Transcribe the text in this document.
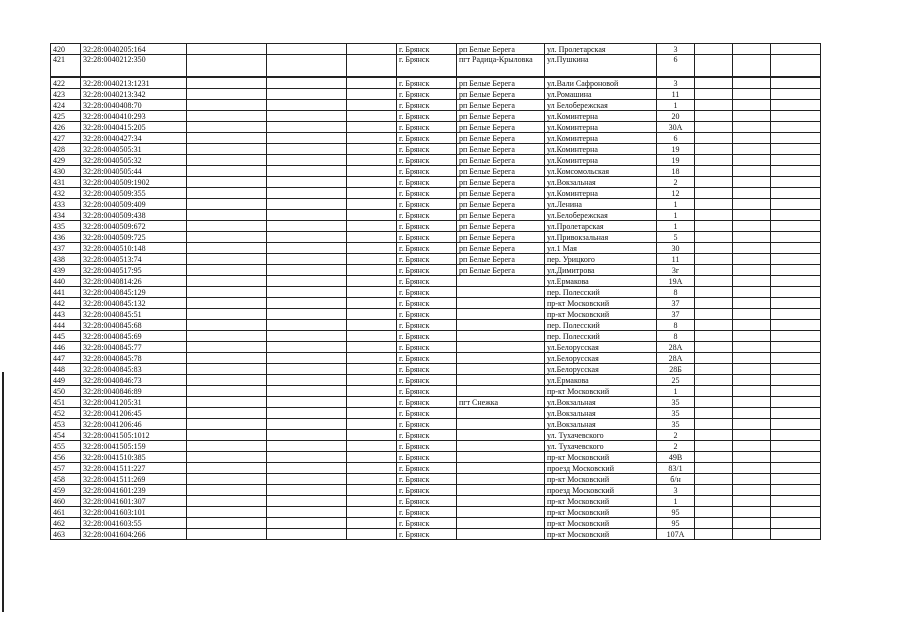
420	32:28:0040205:164				г. Брянск	рп Белые Берега	ул. Пролетарская	3			
421	32:28:0040212:350				г. Брянск	пгт Радица-Крыловка	ул.Пушкина	6			
422	32:28:0040213:1231				г. Брянск	рп Белые Берега	ул.Вали Сафроновой	3			
423	32:28:0040213:342				г. Брянск	рп Белые Берега	ул.Ромашина	11			
424	32:28:0040408:70				г. Брянск	рп Белые Берега	ул Белобережская	1			
425	32:28:0040410:293				г. Брянск	рп Белые Берега	ул.Коминтерна	20			
426	32:28:0040415:205				г. Брянск	рп Белые Берега	ул.Коминтерна	30А			
427	32:28:0040427:34				г. Брянск	рп Белые Берега	ул.Коминтерна	6			
428	32:28:0040505:31				г. Брянск	рп Белые Берега	ул.Коминтерна	19			
429	32:28:0040505:32				г. Брянск	рп Белые Берега	ул.Коминтерна	19			
430	32:28:0040505:44				г. Брянск	рп Белые Берега	ул.Комсомольская	18			
431	32:28:0040509:1902				г. Брянск	рп Белые Берега	ул.Вокзальная	2			
432	32:28:0040509:355				г. Брянск	рп Белые Берега	ул.Коминтерна	12			
433	32:28:0040509:409				г. Брянск	рп Белые Берега	ул.Ленина	1			
434	32:28:0040509:438				г. Брянск	рп Белые Берега	ул.Белобережская	1			
435	32:28:0040509:672				г. Брянск	рп Белые Берега	ул.Пролетарская	1			
436	32:28:0040509:725				г. Брянск	рп Белые Берега	ул.Привокзальная	5			
437	32:28:0040510:148				г. Брянск	рп Белые Берега	ул.1 Мая	30			
438	32:28:0040513:74				г. Брянск	рп Белые Берега	пер. Урицкого	11			
439	32:28:0040517:95				г. Брянск	рп Белые Берега	ул.Димитрова	3г			
440	32:28:0040814:26				г. Брянск		ул.Ермакова	19А			
441	32:28:0040845:129				г. Брянск		пер. Полесский	8			
442	32:28:0040845:132				г. Брянск		пр-кт Московский	37			
443	32:28:0040845:51				г. Брянск		пр-кт Московский	37			
444	32:28:0040845:68				г. Брянск		пер. Полесский	8			
445	32:28:0040845:69				г. Брянск		пер. Полесский	8			
446	32:28:0040845:77				г. Брянск		ул.Белорусская	28А			
447	32:28:0040845:78				г. Брянск		ул.Белорусская	28А			
448	32:28:0040845:83				г. Брянск		ул.Белорусская	28Б			
449	32:28:0040846:73				г. Брянск		ул.Ермакова	25			
450	32:28:0040846:89				г. Брянск		пр-кт Московский	1			
451	32:28:0041205:31				г. Брянск	пгт Снежка	ул.Вокзальная	35			
452	32:28:0041206:45				г. Брянск		ул.Вокзальная	35			
453	32:28:0041206:46				г. Брянск		ул.Вокзальная	35			
454	32:28:0041505:1012				г. Брянск		ул. Тухачевского	2			
455	32:28:0041505:159				г. Брянск		ул. Тухачевского	2			
456	32:28:0041510:385				г. Брянск		пр-кт Московский	49В			
457	32:28:0041511:227				г. Брянск		проезд Московский	83/1			
458	32:28:0041511:269				г. Брянск		пр-кт Московский	б/н			
459	32:28:0041601:239				г. Брянск		проезд Московский	3			
460	32:28:0041601:307				г. Брянск		пр-кт Московский	1			
461	32:28:0041603:101				г. Брянск		пр-кт Московский	95			
462	32:28:0041603:55				г. Брянск		пр-кт Московский	95			
463	32:28:0041604:266				г. Брянск		пр-кт Московский	107А			
